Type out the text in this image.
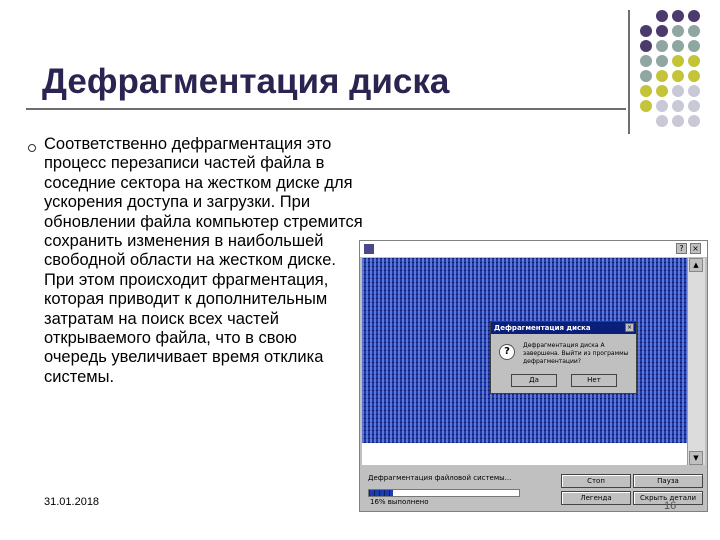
Дефрагментация диска

Соответственно дефрагментация это процесс перезаписи частей файла в соседние сектора на жестком диске для ускорения доступа и загрузки. При обновлении файла компьютер стремится сохранить изменения в наибольшей свободной области на жестком диске. При этом происходит фрагментация, которая приводит к дополнительным затратам на поиск всех частей открываемого файла, что в свою очередь увеличивает время отклика системы.

31.01.2018
?	×
▲
▼
Дефрагментация диска	×
?
Дефрагментация диска А завершена. Выйти из программы дефрагментации?
Да	Нет
Дефрагментация файловой системы...
16% выполнено
Стоп	Пауза
Легенда	Скрыть детали
16
